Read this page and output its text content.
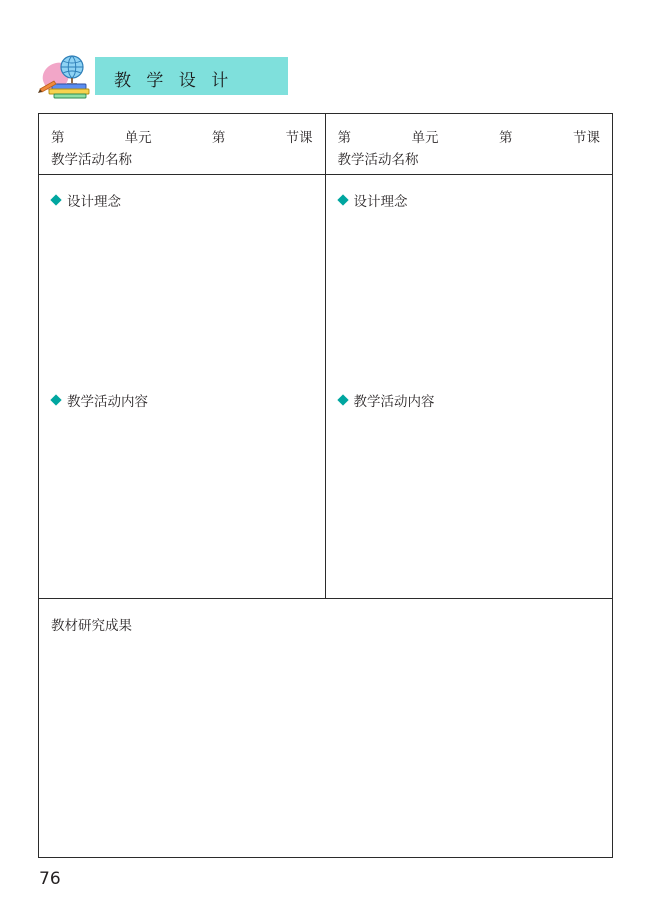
教 学 设 计
第	单元	第	节课
教学活动名称
设计理念
教学活动内容
第	单元	第	节课
教学活动名称
设计理念
教学活动内容
教材研究成果
76
